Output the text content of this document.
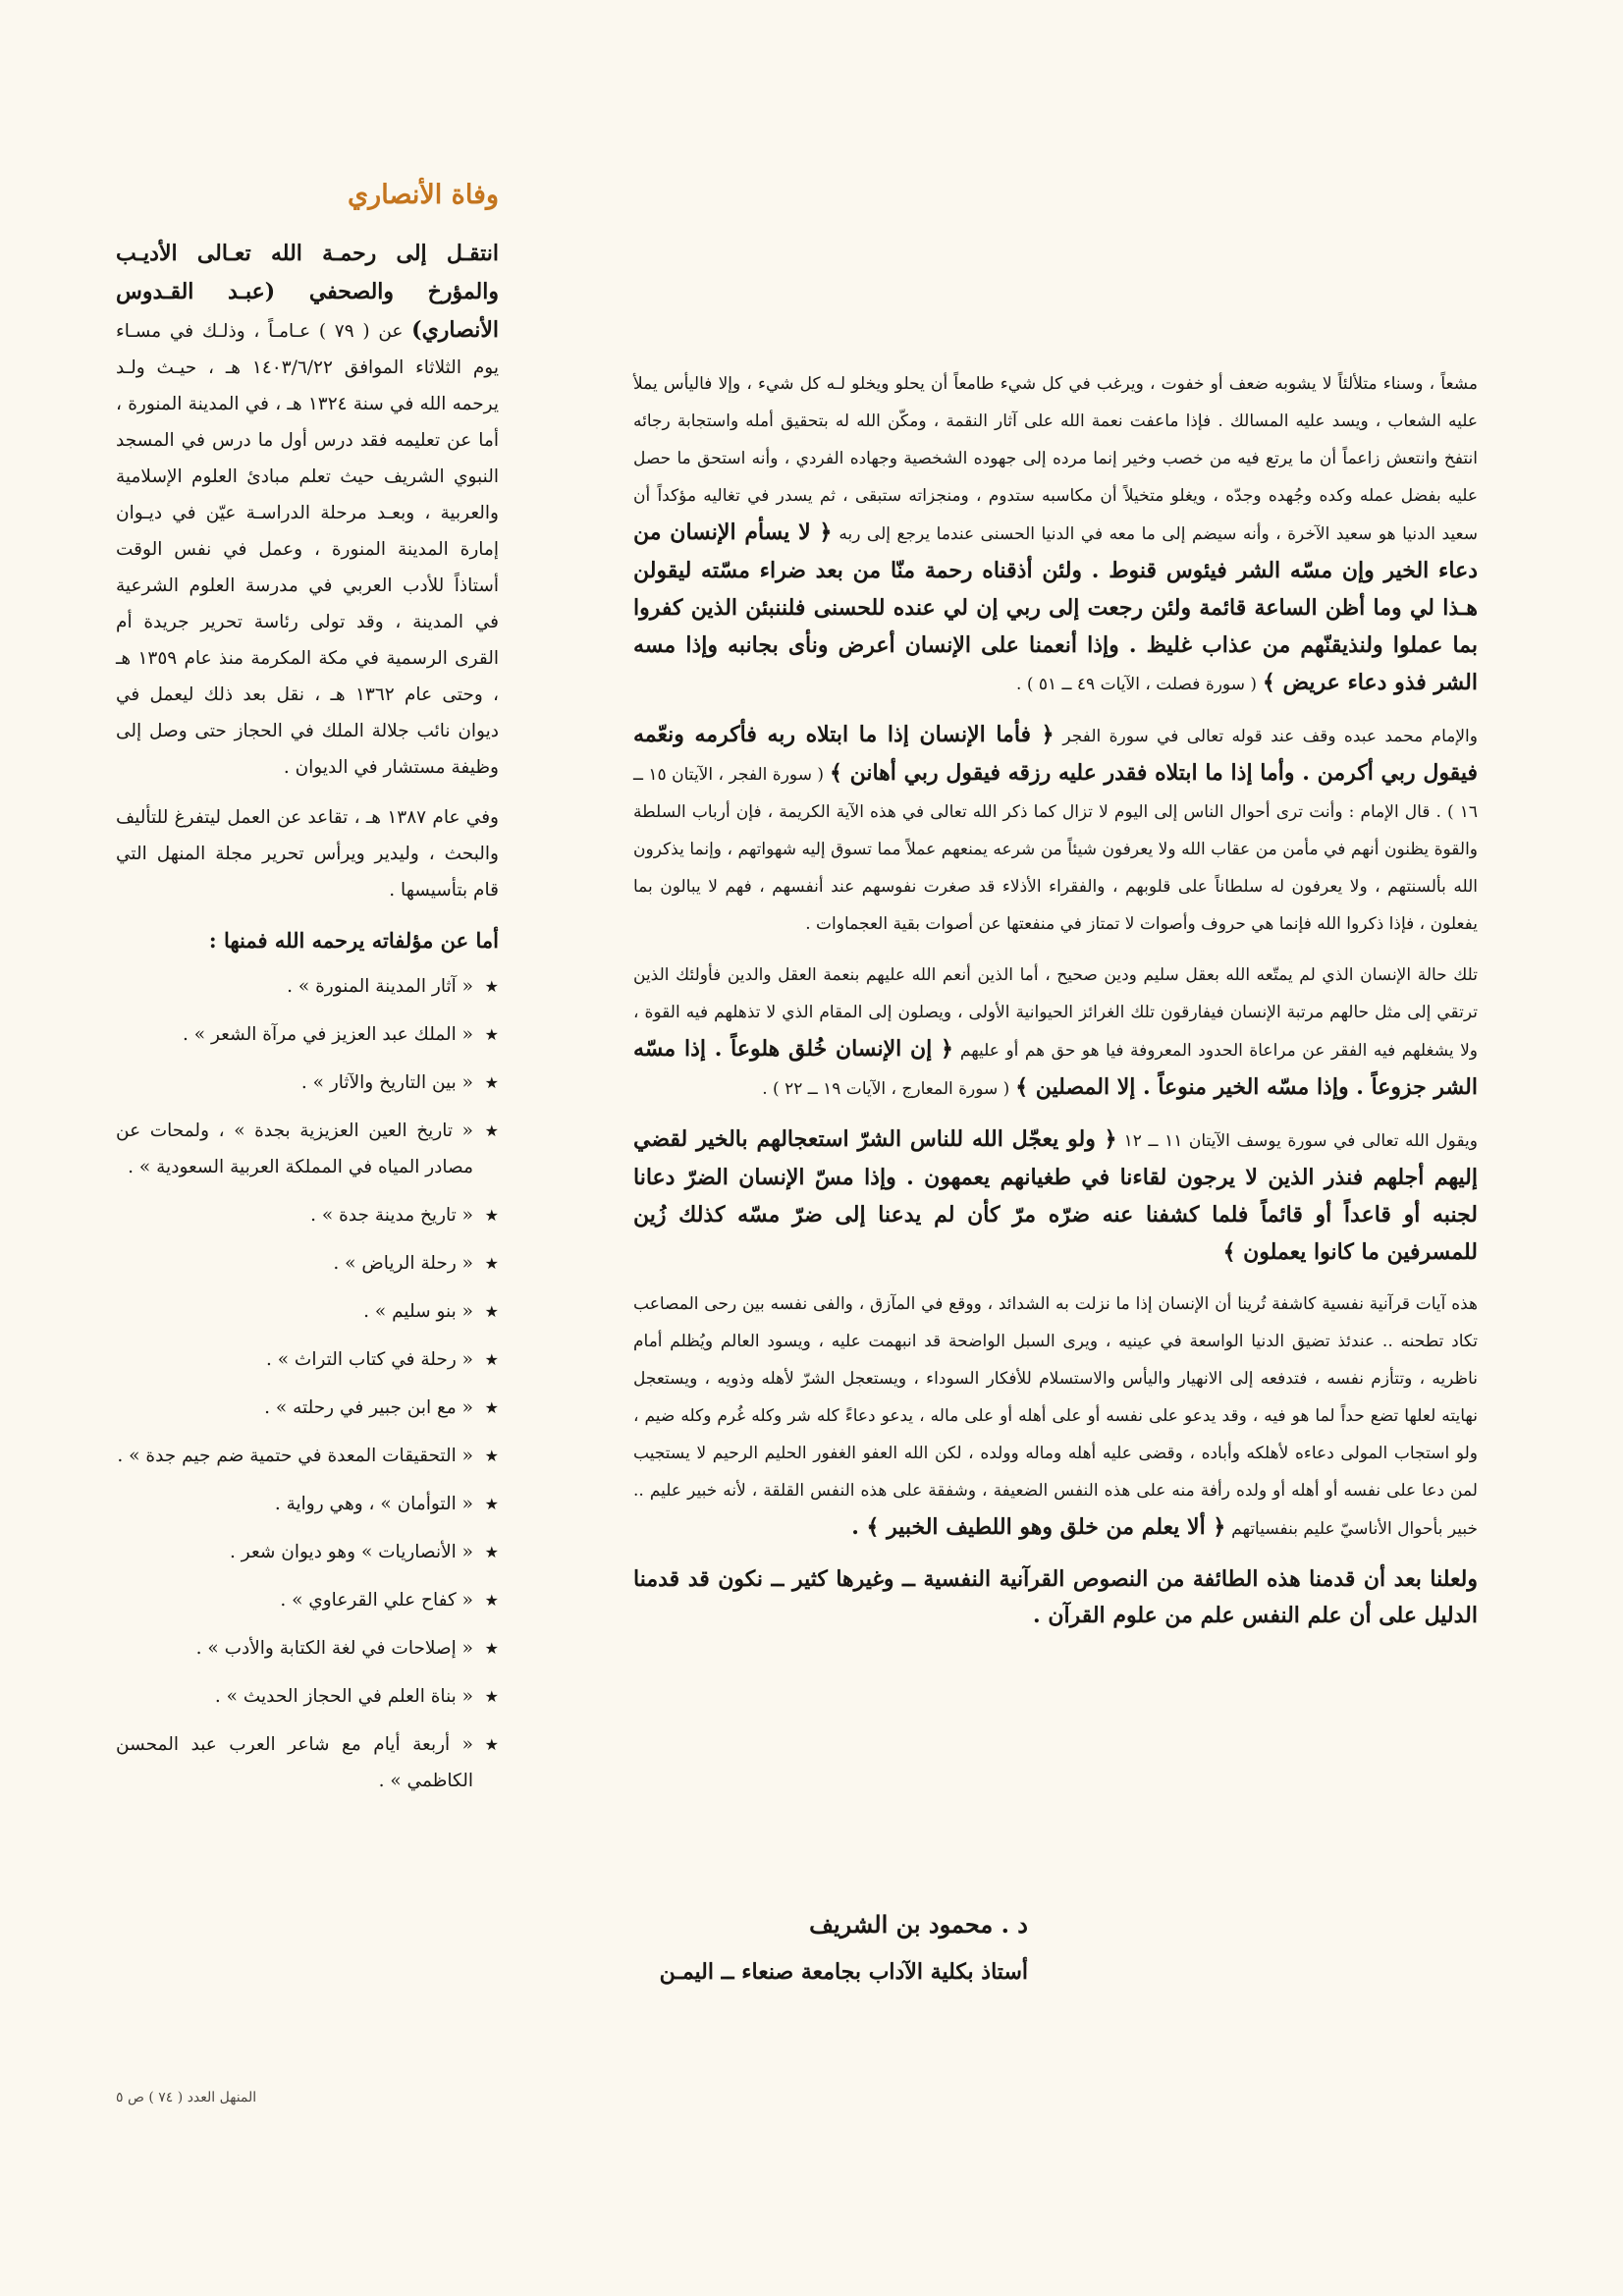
وفاة الأنصاري

انتقـل إلى رحمـة الله تعـالى الأديـب والمؤرخ والصحفي (عبـد القـدوس الأنصاري) عن ( ٧٩ ) عـامـاً ، وذلـك في مسـاء يوم الثلاثاء الموافق ١٤٠٣/٦/٢٢ هـ ، حيـث ولـد يرحمه الله في سنة ١٣٢٤ هـ ، في المدينة المنورة ، أما عن تعليمه فقد درس أول ما درس في المسجد النبوي الشريف حيث تعلم مبادئ العلوم الإسلامية والعربية ، وبعـد مرحلة الدراسـة عيّن في ديـوان إمارة المدينة المنورة ، وعمل في نفس الوقت أستاذاً للأدب العربي في مدرسة العلوم الشرعية في المدينة ، وقد تولى رئاسة تحرير جريدة أم القرى الرسمية في مكة المكرمة منذ عام ١٣٥٩ هـ ، وحتى عام ١٣٦٢ هـ ، نقل بعد ذلك ليعمل في ديوان نائب جلالة الملك في الحجاز حتى وصل إلى وظيفة مستشار في الديوان .

وفي عام ١٣٨٧ هـ ، تقاعد عن العمل ليتفرغ للتأليف والبحث ، وليدير ويرأس تحرير مجلة المنهل التي قام بتأسيسها .

أما عن مؤلفاته يرحمه الله فمنها :
★
« آثار المدينة المنورة » .
★
« الملك عبد العزيز في مرآة الشعر » .
★
« بين التاريخ والآثار » .
★
« تاريخ العين العزيزية بجدة » ، ولمحات عن مصادر المياه في المملكة العربية السعودية » .
★
« تاريخ مدينة جدة » .
★
« رحلة الرياض » .
★
« بنو سليم » .
★
« رحلة في كتاب التراث » .
★
« مع ابن جبير في رحلته » .
★
« التحقيقات المعدة في حتمية ضم جيم جدة » .
★
« التوأمان » ، وهي رواية .
★
« الأنصاريات » وهو ديوان شعر .
★
« كفاح علي القرعاوي » .
★
« إصلاحات في لغة الكتابة والأدب » .
★
« بناة العلم في الحجاز الحديث » .
★
« أربعة أيام مع شاعر العرب عبد المحسن الكاظمي » .

مشعاً ، وسناء متلألئاً لا يشوبه ضعف أو خفوت ، ويرغب في كل شيء طامعاً أن يحلو ويخلو لـه كل شيء ، وإلا فاليأس يملأ عليه الشعاب ، ويسد عليه المسالك . فإذا ماعفت نعمة الله على آثار النقمة ، ومكّن الله له بتحقيق أمله واستجابة رجائه انتفخ وانتعش زاعماً أن ما يرتع فيه من خصب وخير إنما مرده إلى جهوده الشخصية وجهاده الفردي ، وأنه استحق ما حصل عليه بفضل عمله وكده وجُهده وجدّه ، ويغلو متخيلاً أن مكاسبه ستدوم ، ومنجزاته ستبقى ، ثم يسدر في تغاليه مؤكداً أن سعيد الدنيا هو سعيد الآخرة ، وأنه سيضم إلى ما معه في الدنيا الحسنى عندما يرجع إلى ربه ﴿ لا يسأم الإنسان من دعاء الخير وإن مسّه الشر فيئوس قنوط . ولئن أذقناه رحمة منّا من بعد ضراء مسّته ليقولن هـذا لي وما أظن الساعة قائمة ولئن رجعت إلى ربي إن لي عنده للحسنى فلننبئن الذين كفروا بما عملوا ولنذيقنّهم من عذاب غليظ . وإذا أنعمنا على الإنسان أعرض ونأى بجانبه وإذا مسه الشر فذو دعاء عريض ﴾ ( سورة فصلت ، الآيات ٤٩ ــ ٥١ ) .

والإمام محمد عبده وقف عند قوله تعالى في سورة الفجر ﴿ فأما الإنسان إذا ما ابتلاه ربه فأكرمه ونعّمه فيقول ربي أكرمن . وأما إذا ما ابتلاه فقدر عليه رزقه فيقول ربي أهانن ﴾ ( سورة الفجر ، الآيتان ١٥ ــ ١٦ ) . قال الإمام : وأنت ترى أحوال الناس إلى اليوم لا تزال كما ذكر الله تعالى في هذه الآية الكريمة ، فإن أرباب السلطة والقوة يظنون أنهم في مأمن من عقاب الله ولا يعرفون شيئاً من شرعه يمنعهم عملاً مما تسوق إليه شهواتهم ، وإنما يذكرون الله بألسنتهم ، ولا يعرفون له سلطاناً على قلوبهم ، والفقراء الأذلاء قد صغرت نفوسهم عند أنفسهم ، فهم لا يبالون بما يفعلون ، فإذا ذكروا الله فإنما هي حروف وأصوات لا تمتاز في منفعتها عن أصوات بقية العجماوات .

تلك حالة الإنسان الذي لم يمتّعه الله بعقل سليم ودين صحيح ، أما الذين أنعم الله عليهم بنعمة العقل والدين فأولئك الذين ترتقي إلى مثل حالهم مرتبة الإنسان فيفارقون تلك الغرائز الحيوانية الأولى ، ويصلون إلى المقام الذي لا تذهلهم فيه القوة ، ولا يشغلهم فيه الفقر عن مراعاة الحدود المعروفة فيا هو حق هم أو عليهم ﴿ إن الإنسان خُلق هلوعاً . إذا مسّه الشر جزوعاً . وإذا مسّه الخير منوعاً . إلا المصلين ﴾ ( سورة المعارج ، الآيات ١٩ ــ ٢٢ ) .

ويقول الله تعالى في سورة يوسف الآيتان ١١ ــ ١٢ ﴿ ولو يعجّل الله للناس الشرّ استعجالهم بالخير لقضي إليهم أجلهم فنذر الذين لا يرجون لقاءنا في طغيانهم يعمهون . وإذا مسّ الإنسان الضرّ دعانا لجنبه أو قاعداً أو قائماً فلما كشفنا عنه ضرّه مرّ كأن لم يدعنا إلى ضرّ مسّه كذلك زُين للمسرفين ما كانوا يعملون ﴾

هذه آيات قرآنية نفسية كاشفة تُرينا أن الإنسان إذا ما نزلت به الشدائد ، ووقع في المآزق ، والفى نفسه بين رحى المصاعب تكاد تطحنه .. عندئذ تضيق الدنيا الواسعة في عينيه ، ويرى السبل الواضحة قد انبهمت عليه ، ويسود العالم ويُظلم أمام ناظريه ، وتتأزم نفسه ، فتدفعه إلى الانهيار واليأس والاستسلام للأفكار السوداء ، ويستعجل الشرّ لأهله وذويه ، ويستعجل نهايته لعلها تضع حداً لما هو فيه ، وقد يدعو على نفسه أو على أهله أو على ماله ، يدعو دعاءً كله شر وكله غُرم وكله ضيم ، ولو استجاب المولى دعاءه لأهلكه وأباده ، وقضى عليه أهله وماله وولده ، لكن الله العفو الغفور الحليم الرحيم لا يستجيب لمن دعا على نفسه أو أهله أو ولده رأفة منه على هذه النفس الضعيفة ، وشفقة على هذه النفس القلقة ، لأنه خبير عليم .. خبير بأحوال الأناسيّ عليم بنفسياتهم ﴿ ألا يعلم من خلق وهو اللطيف الخبير ﴾ .

ولعلنا بعد أن قدمنا هذه الطائفة من النصوص القرآنية النفسية ــ وغيرها كثير ــ نكون قد قدمنا الدليل على أن علم النفس علم من علوم القرآن .

د . محمود بن الشريف
أستاذ بكلية الآداب بجامعة صنعاء ــ اليمـن
المنهل العدد ( ٧٤ ) ص ٥
